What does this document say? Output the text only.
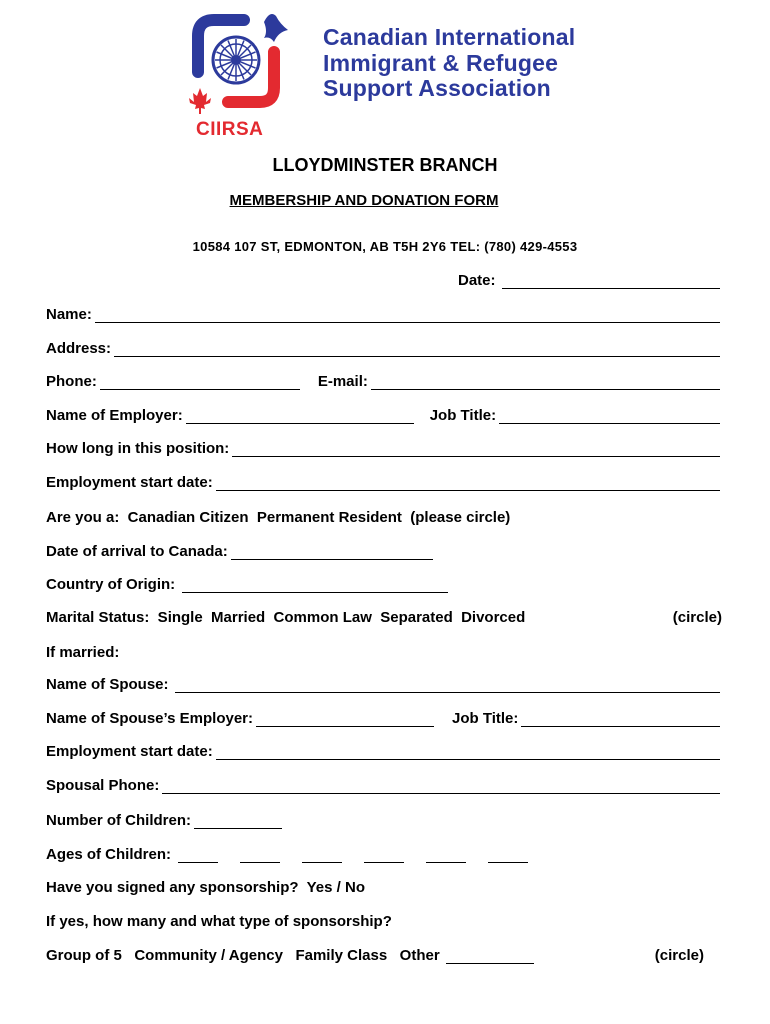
Canadian International
Immigrant & Refugee
Support Association
CIIRSA
LLOYDMINSTER BRANCH
MEMBERSHIP AND DONATION FORM
10584 107 ST, EDMONTON, AB T5H 2Y6 TEL: (780) 429-4553
Date:
Name:
Address:
Phone:	E-mail:
Name of Employer:	Job Title:
How long in this position:
Employment start date:
Are you a:  Canadian Citizen  Permanent Resident  (please circle)
Date of arrival to Canada:
Country of Origin:
Marital Status:  Single  Married  Common Law  Separated  Divorced	(circle)
If married:
Name of Spouse:
Name of Spouse’s Employer:	Job Title:
Employment start date:
Spousal Phone:
Number of Children:
Ages of Children:
Have you signed any sponsorship?  Yes / No
If yes, how many and what type of sponsorship?
Group of 5   Community / Agency   Family Class   Other	(circle)
